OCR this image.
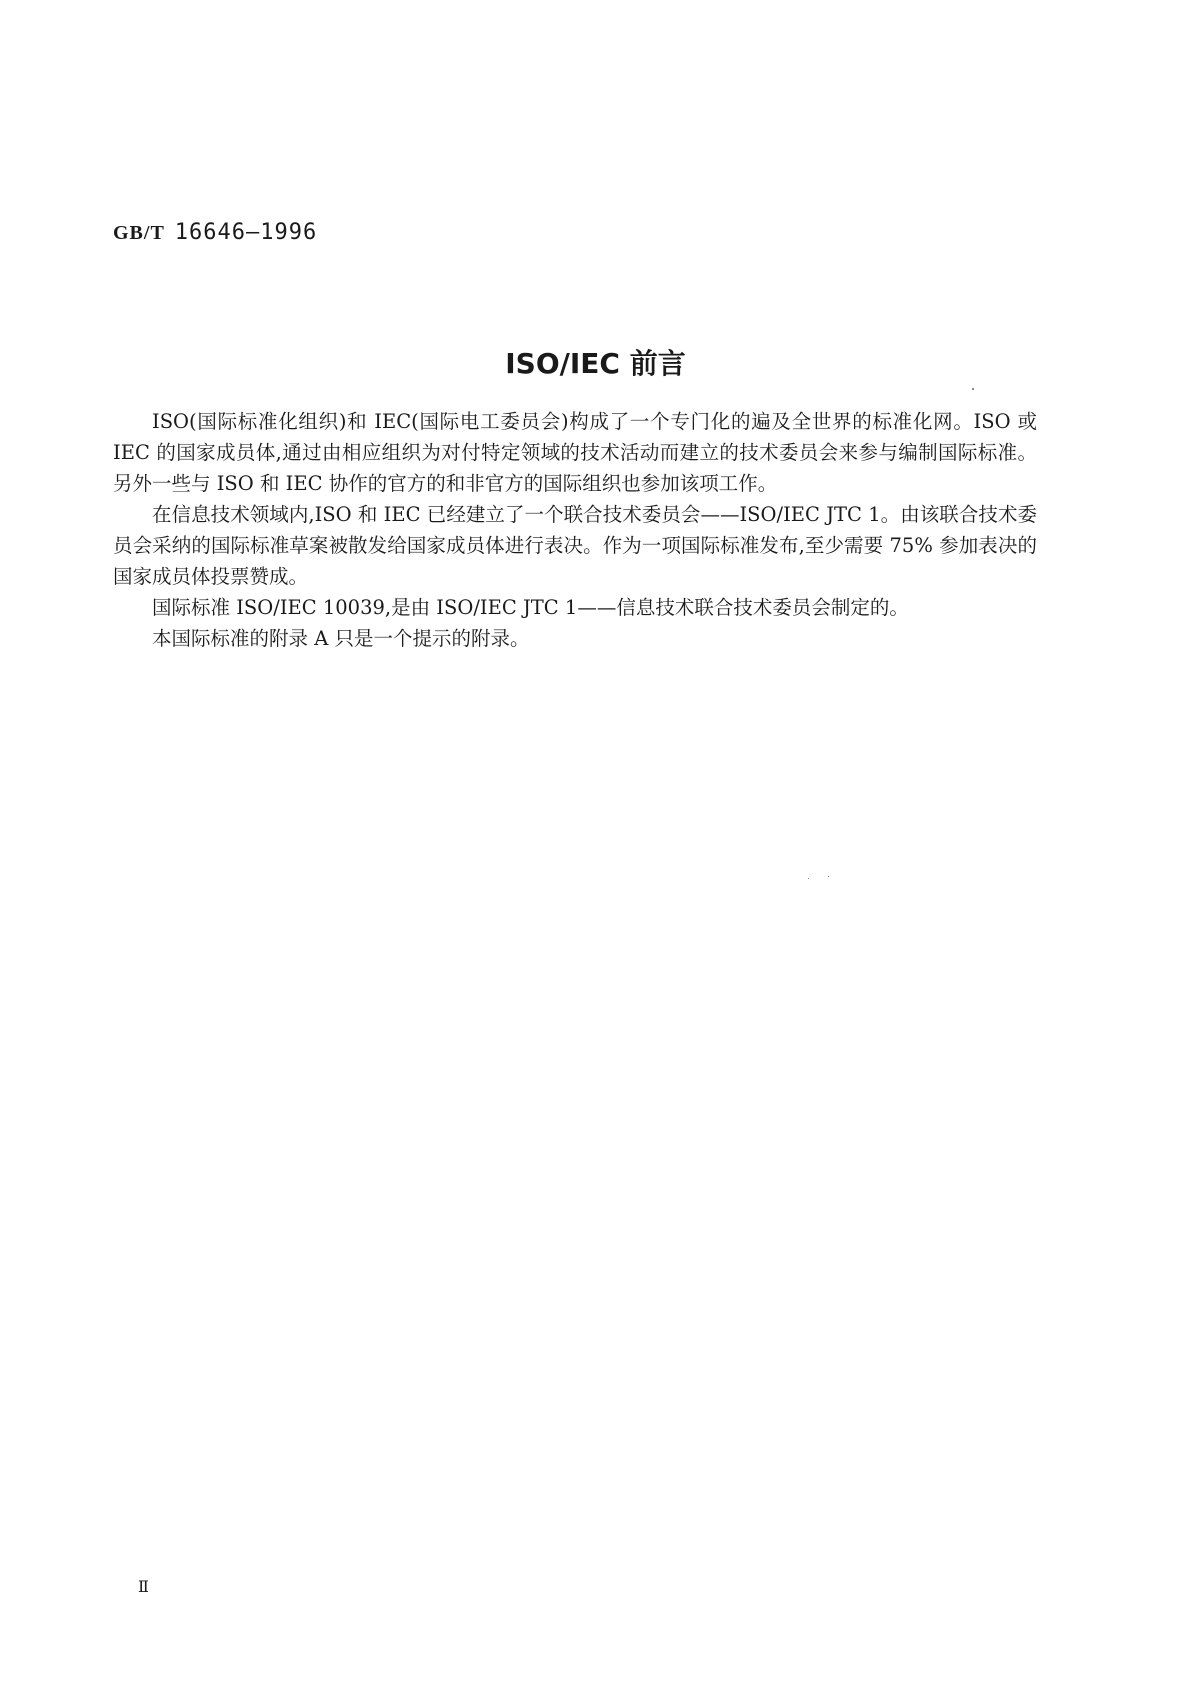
GB/T 16646—1996
ISO/IEC 前言

ISO(国际标准化组织)和 IEC(国际电工委员会)构成了一个专门化的遍及全世界的标准化网。ISO 或 IEC 的国家成员体,通过由相应组织为对付特定领域的技术活动而建立的技术委员会来参与编制国际标准。另外一些与 ISO 和 IEC 协作的官方的和非官方的国际组织也参加该项工作。

在信息技术领域内,ISO 和 IEC 已经建立了一个联合技术委员会——ISO/IEC JTC 1。由该联合技术委员会采纳的国际标准草案被散发给国家成员体进行表决。作为一项国际标准发布,至少需要 75% 参加表决的国家成员体投票赞成。

国际标准 ISO/IEC 10039,是由 ISO/IEC JTC 1——信息技术联合技术委员会制定的。

本国际标准的附录 A 只是一个提示的附录。

Ⅱ
